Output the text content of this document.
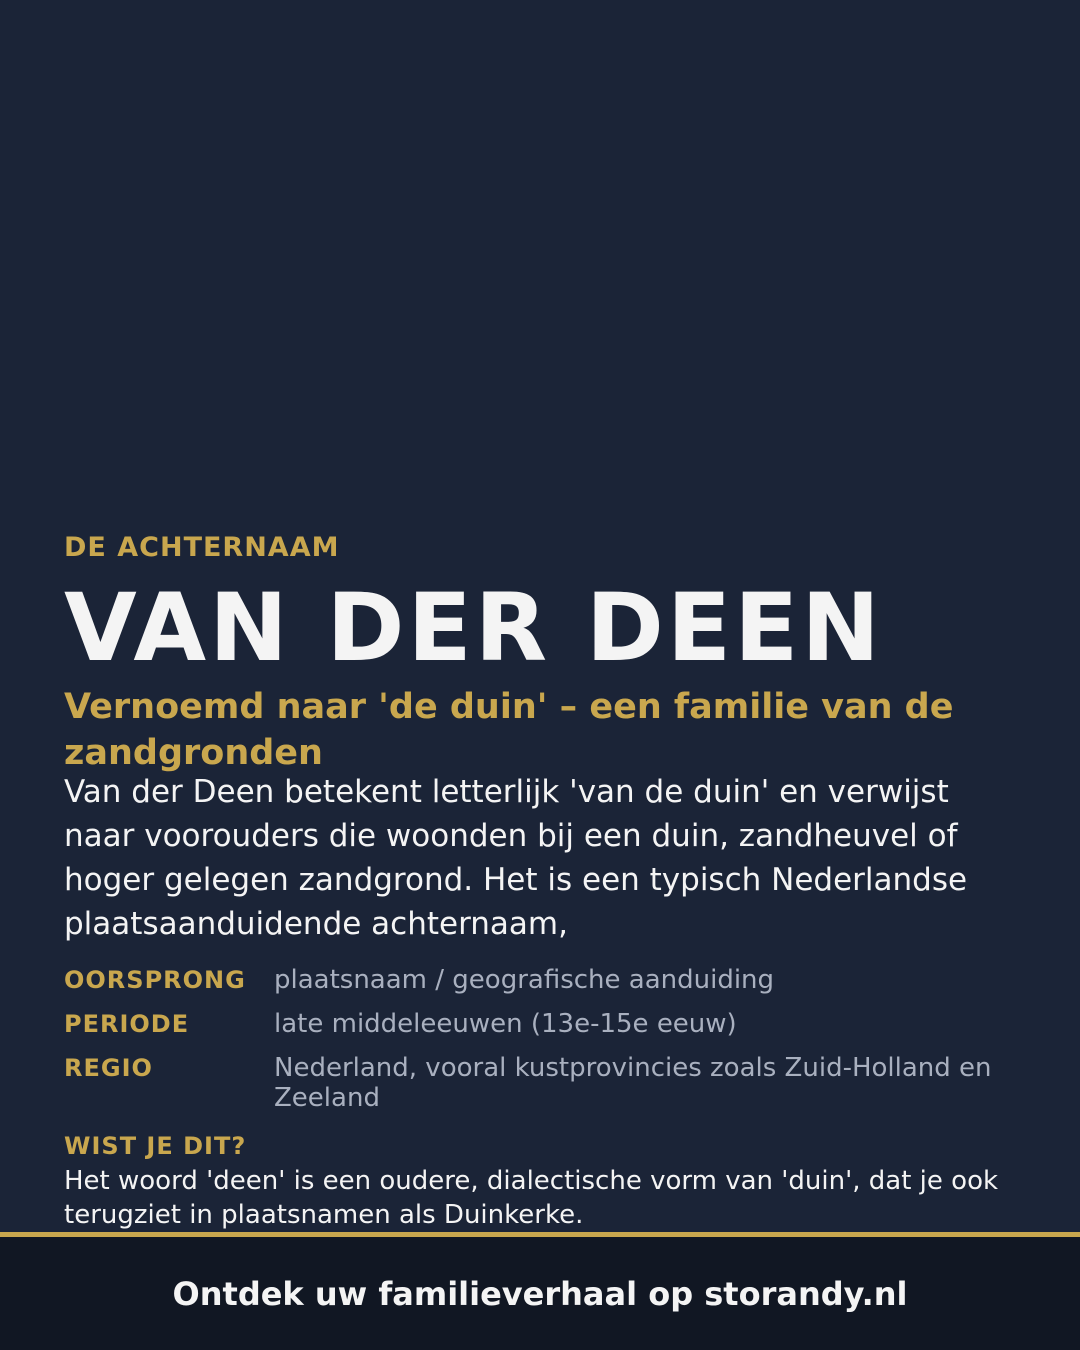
DE ACHTERNAAM
VAN DER DEEN
Vernoemd naar 'de duin' – een familie van de zandgronden
Van der Deen betekent letterlijk 'van de duin' en verwijst naar voorouders die woonden bij een duin, zandheuvel of hoger gelegen zandgrond. Het is een typisch Nederlandse plaatsaanduidende achternaam,
OORSPRONG	plaatsnaam / geografische aanduiding
PERIODE	late middeleeuwen (13e-15e eeuw)
REGIO	Nederland, vooral kustprovincies zoals Zuid-Holland en Zeeland
WIST JE DIT?
Het woord 'deen' is een oudere, dialectische vorm van 'duin', dat je ook terugziet in plaatsnamen als Duinkerke.
Ontdek uw familieverhaal op storandy.nl
